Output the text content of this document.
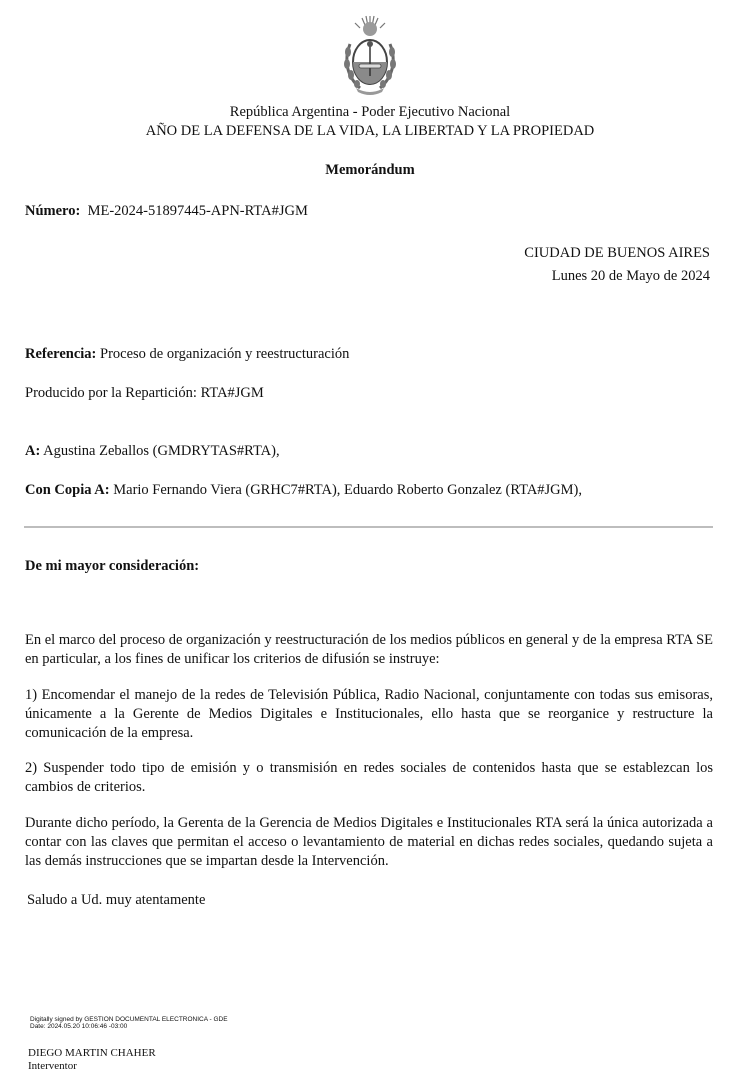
República Argentina - Poder Ejecutivo Nacional
AÑO DE LA DEFENSA DE LA VIDA, LA LIBERTAD Y LA PROPIEDAD
Memorándum
Número: ME-2024-51897445-APN-RTA#JGM
CIUDAD DE BUENOS AIRES
Lunes 20 de Mayo de 2024
Referencia: Proceso de organización y reestructuración
Producido por la Repartición: RTA#JGM
A: Agustina Zeballos (GMDRYTAS#RTA),
Con Copia A: Mario Fernando Viera (GRHC7#RTA), Eduardo Roberto Gonzalez (RTA#JGM),
De mi mayor consideración:
En el marco del proceso de organización y reestructuración de los medios públicos en general y de la empresa RTA SE en particular, a los fines de unificar los criterios de difusión se instruye:
1) Encomendar el manejo de la redes de Televisión Pública, Radio Nacional, conjuntamente con todas sus emisoras, únicamente a la Gerente de Medios Digitales e Institucionales, ello hasta que se reorganice y restructure la comunicación de la empresa.
2) Suspender todo tipo de emisión y o transmisión en redes sociales de contenidos hasta que se establezcan los cambios de criterios.
Durante dicho período, la Gerenta de la Gerencia de Medios Digitales e Institucionales RTA será la única autorizada a contar con las claves que permitan el acceso o levantamiento de material en dichas redes sociales, quedando sujeta a las demás instrucciones que se impartan desde la Intervención.
Saludo a Ud. muy atentamente
Digitally signed by GESTION DOCUMENTAL ELECTRONICA - GDE
Date: 2024.05.20 10:06:46 -03:00
DIEGO MARTIN CHAHER
Interventor
